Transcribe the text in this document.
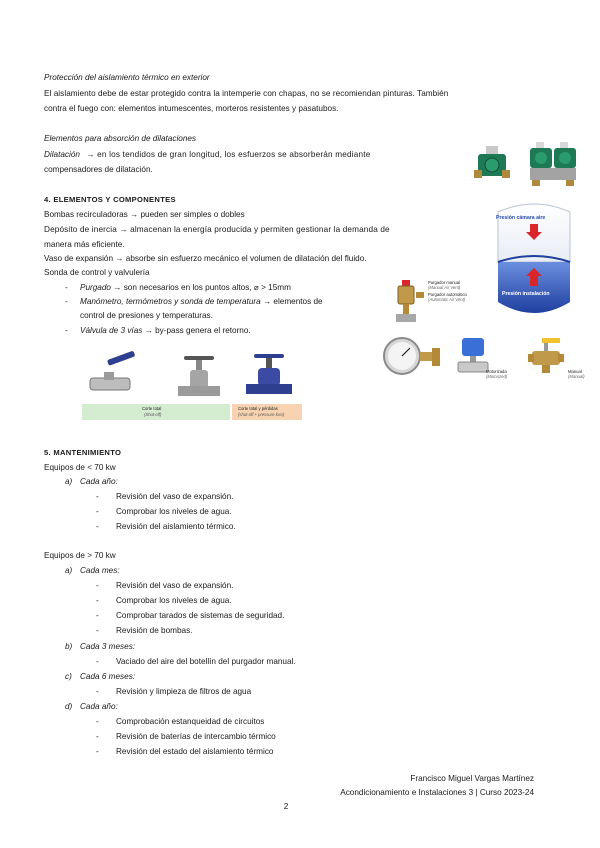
Protección del aislamiento térmico en exterior
El aislamiento debe de estar protegido contra la intemperie con chapas, no se recomiendan pinturas. También
contra el fuego con: elementos intumescentes, morteros resistentes y pasatubos.
Elementos para absorción de dilataciones
Dilatación → en los tendidos de gran longitud, los esfuerzos se absorberán mediante
compensadores de dilatación.
4. ELEMENTOS Y COMPONENTES
Bombas recirculadoras → pueden ser simples o dobles
Depósito de inercia → almacenan la energía producida y permiten gestionar la demanda de
manera más eficiente.
Vaso de expansión → absorbe sin esfuerzo mecánico el volumen de dilatación del fluido.
Sonda de control y valvulería
- Purgado → son necesarios en los puntos altos, ⌀ > 15mm
- Manómetro, termómetros y sonda de temperatura → elementos de
control de presiones y temperaturas.
- Válvula de 3 vías → by-pass genera el retorno.
Presión cámara aire
Presión instalación
Purgador manual
(Manual Air Vent)
Purgador automático
(Automatic Air Vent)
Motorizada
(Motorized)
Manual
(Manual)
Corte total
(Shut-off)
Corte total y pérdidas
(shut-off + pressure loss)
5. MANTENIMIENTO
Equipos de < 70 kw
a) Cada año:
- Revisión del vaso de expansión.
- Comprobar los niveles de agua.
- Revisión del aislamiento térmico.
Equipos de > 70 kw
a) Cada mes:
- Revisión del vaso de expansión.
- Comprobar los niveles de agua.
- Comprobar tarados de sistemas de seguridad.
- Revisión de bombas.
b) Cada 3 meses:
- Vaciado del aire del botellín del purgador manual.
c) Cada 6 meses:
- Revisión y limpieza de filtros de agua
d) Cada año:
- Comprobación estanqueidad de circuitos
- Revisión de baterías de intercambio térmico
- Revisión del estado del aislamiento térmico
Francisco Miguel Vargas Martínez
Acondicionamiento e Instalaciones 3 | Curso 2023-24
2
